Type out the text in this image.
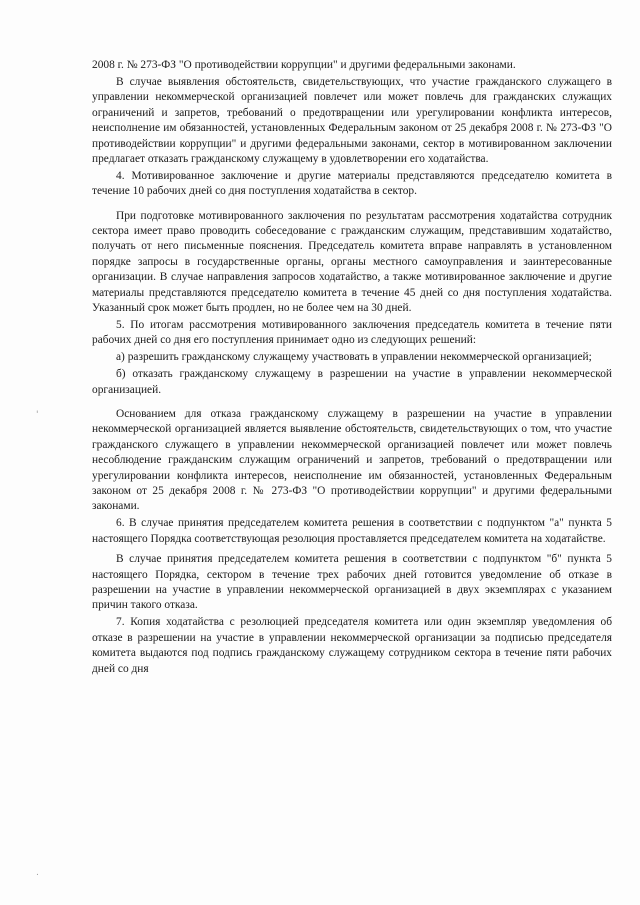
'
.

2008 г. № 273-ФЗ "О противодействии коррупции" и другими федеральными законами.

В случае выявления обстоятельств, свидетельствующих, что участие гражданского служащего в управлении некоммерческой организацией повлечет или может повлечь для гражданских служащих ограничений и запретов, требований о предотвращении или урегулировании конфликта интересов, неисполнение им обязанностей, установленных Федеральным законом от 25 декабря 2008 г. № 273-ФЗ "О противодействии коррупции" и другими федеральными законами, сектор в мотивированном заключении предлагает отказать гражданскому служащему в удовлетворении его ходатайства.

4. Мотивированное заключение и другие материалы представляются председателю комитета в течение 10 рабочих дней со дня поступления ходатайства в сектор.

При подготовке мотивированного заключения по результатам рассмотрения ходатайства сотрудник сектора имеет право проводить собеседование с гражданским служащим, представившим ходатайство, получать от него письменные пояснения. Председатель комитета вправе направлять в установленном порядке запросы в государственные органы, органы местного самоуправления и заинтересованные организации. В случае направления запросов ходатайство, а также мотивированное заключение и другие материалы представляются председателю комитета в течение 45 дней со дня поступления ходатайства. Указанный срок может быть продлен, но не более чем на 30 дней.

5. По итогам рассмотрения мотивированного заключения председатель комитета в течение пяти рабочих дней со дня его поступления принимает одно из следующих решений:

а) разрешить гражданскому служащему участвовать в управлении некоммерческой организацией;

б) отказать гражданскому служащему в разрешении на участие в управлении некоммерческой организацией.

Основанием для отказа гражданскому служащему в разрешении на участие в управлении некоммерческой организацией является выявление обстоятельств, свидетельствующих о том, что участие гражданского служащего в управлении некоммерческой организацией повлечет или может повлечь несоблюдение гражданским служащим ограничений и запретов, требований о предотвращении или урегулировании конфликта интересов, неисполнение им обязанностей, установленных Федеральным законом от 25 декабря 2008 г. № 273-ФЗ "О противодействии коррупции" и другими федеральными законами.

6. В случае принятия председателем комитета решения в соответствии с подпунктом "а" пункта 5 настоящего Порядка соответствующая резолюция проставляется председателем комитета на ходатайстве.

В случае принятия председателем комитета решения в соответствии с подпунктом "б" пункта 5 настоящего Порядка, сектором в течение трех рабочих дней готовится уведомление об отказе в разрешении на участие в управлении некоммерческой организацией в двух экземплярах с указанием причин такого отказа.

7. Копия ходатайства с резолюцией председателя комитета или один экземпляр уведомления об отказе в разрешении на участие в управлении некоммерческой организации за подписью председателя комитета выдаются под подпись гражданскому служащему сотрудником сектора в течение пяти рабочих дней со дня
